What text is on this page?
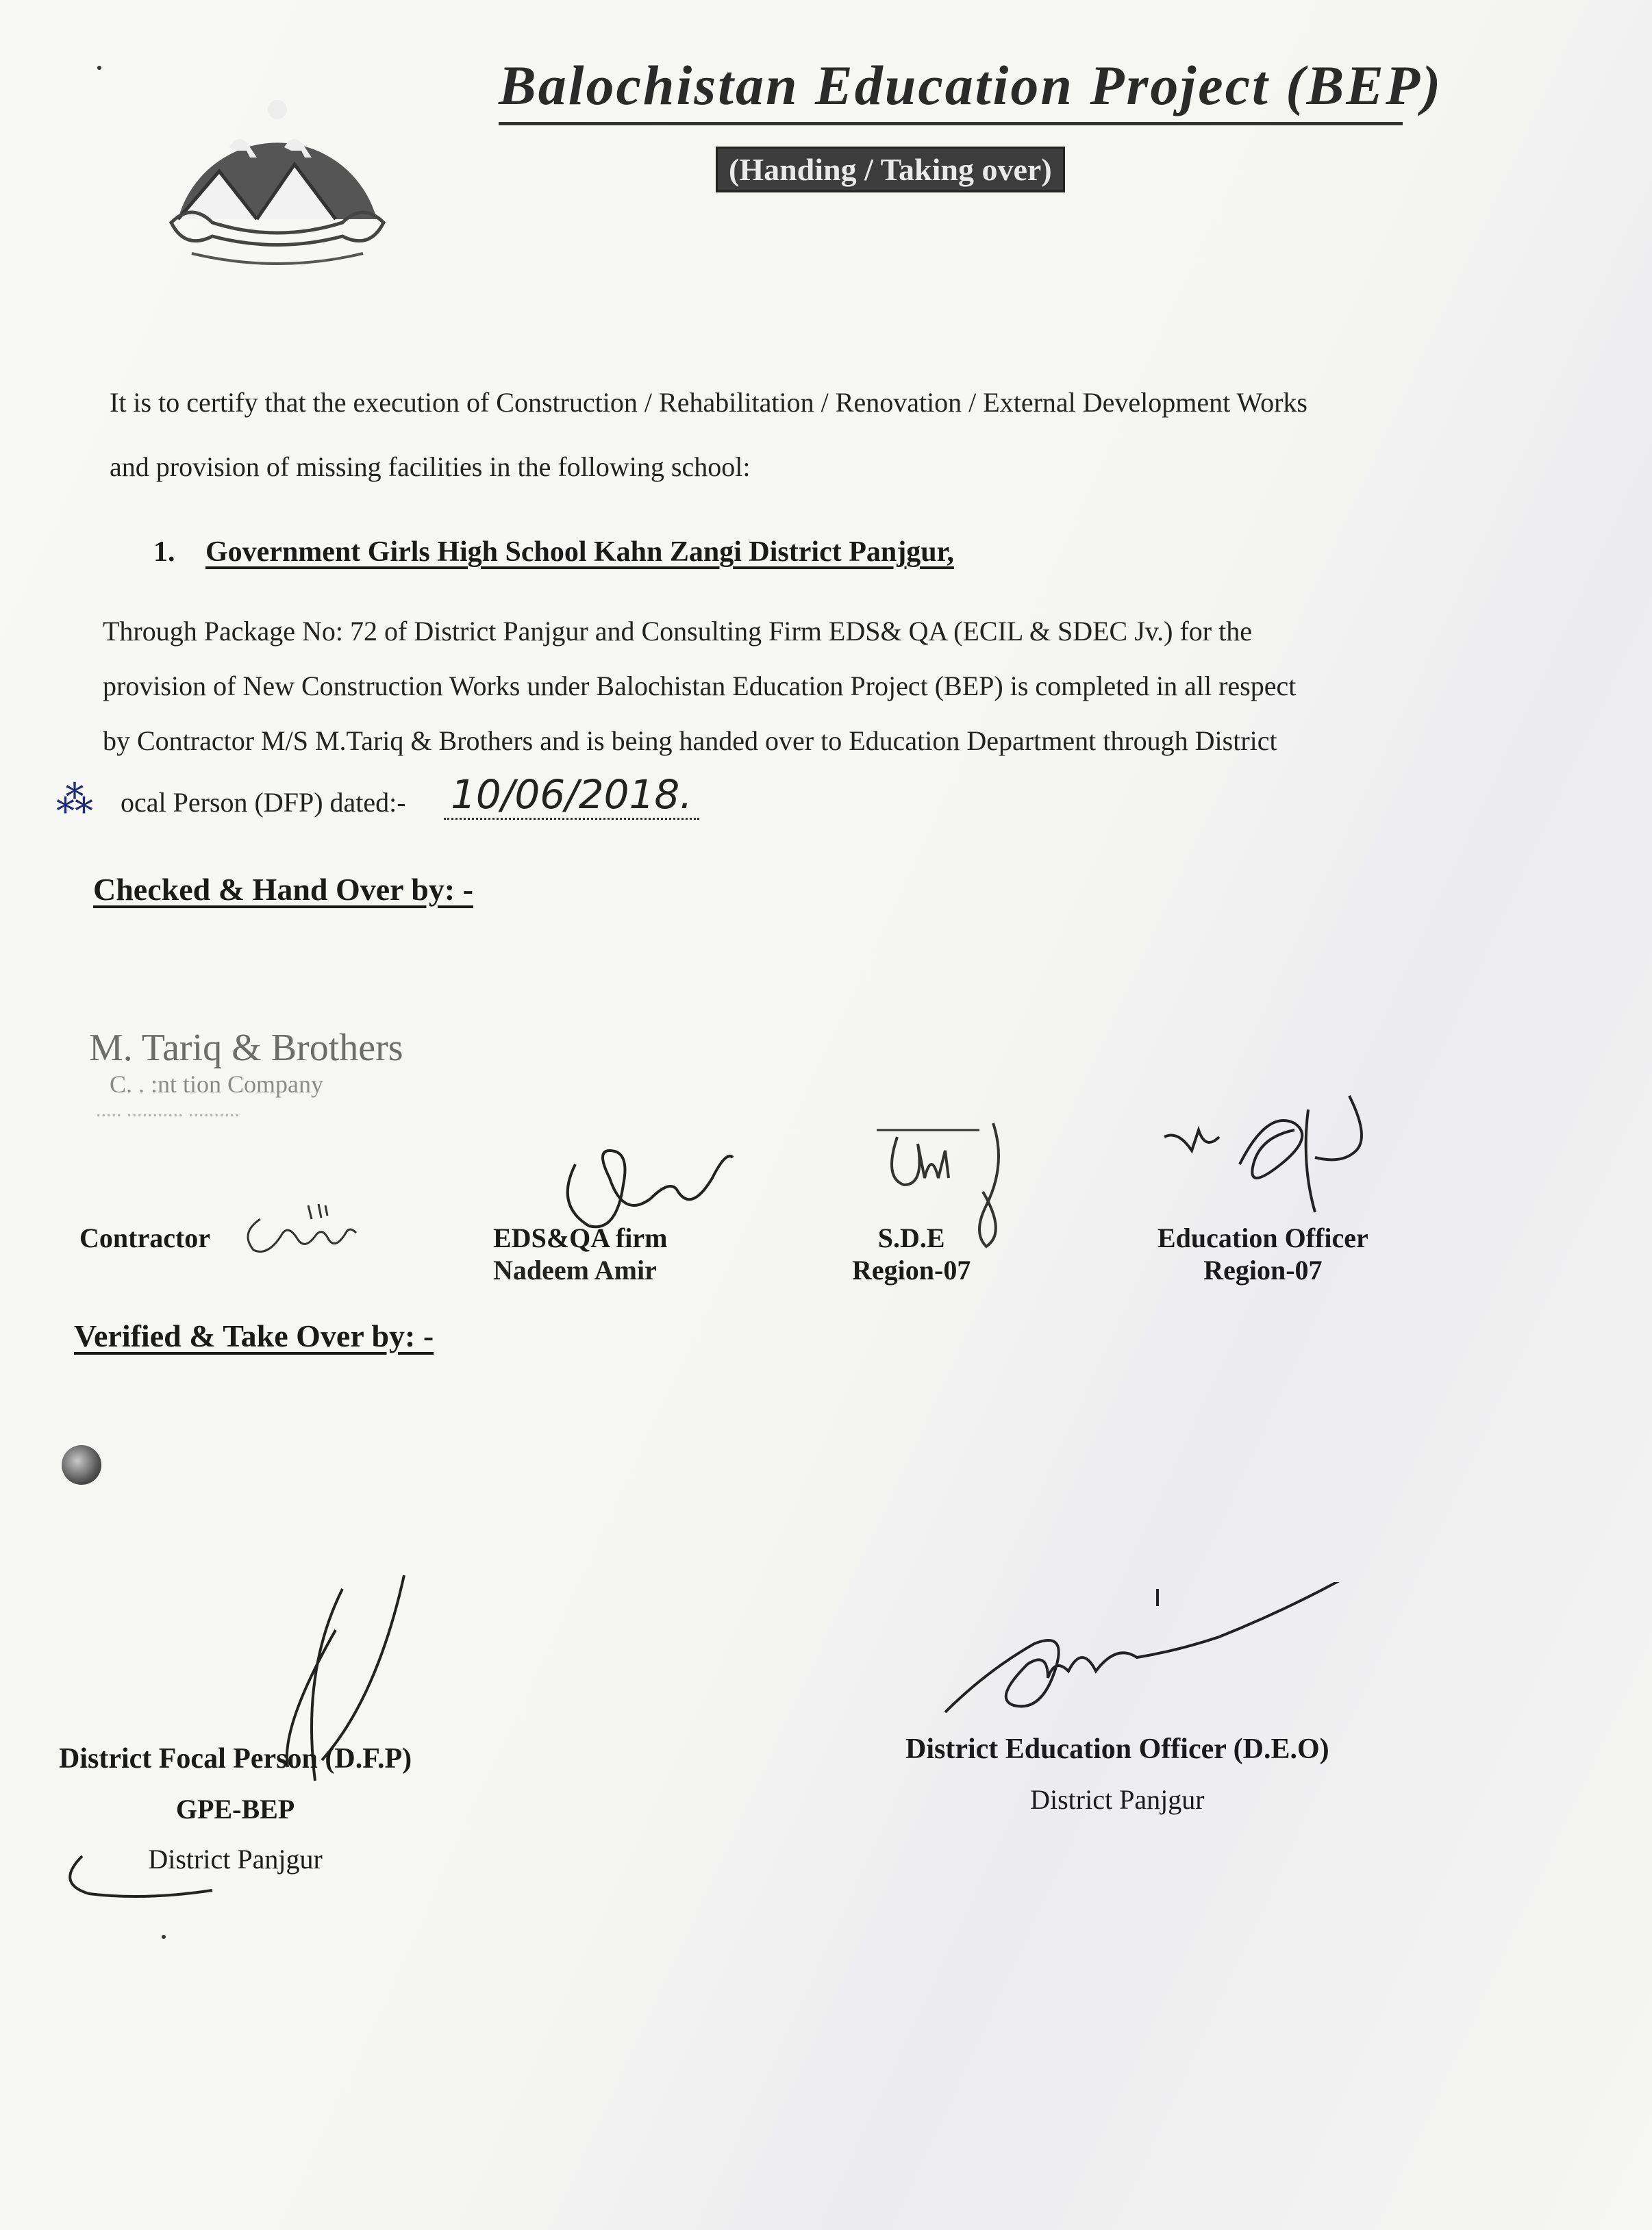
Balochistan Education Project (BEP)
(Handing / Taking over)
It is to certify that the execution of Construction / Rehabilitation / Renovation / External Development Works
and provision of missing facilities in the following school:
1. Government Girls High School Kahn Zangi District Panjgur,
Through Package No: 72 of District Panjgur and Consulting Firm EDS& QA (ECIL & SDEC Jv.) for the
provision of New Construction Works under Balochistan Education Project (BEP) is completed in all respect
by Contractor M/S M.Tariq & Brothers and is being handed over to Education Department through District
⁂ ocal Person (DFP) dated:- 10/06/2018.
Checked & Hand Over by: -
M. Tariq & Brothers
C. . :nt tion Company
..... ........... ..........
Contractor	EDS&QA firm
Nadeem Amir
S.D.E
Region-07
Education Officer
Region-07
Verified & Take Over by: -
District Focal Person (D.F.P)
GPE-BEP
District Panjgur
District Education Officer (D.E.O)
District Panjgur
